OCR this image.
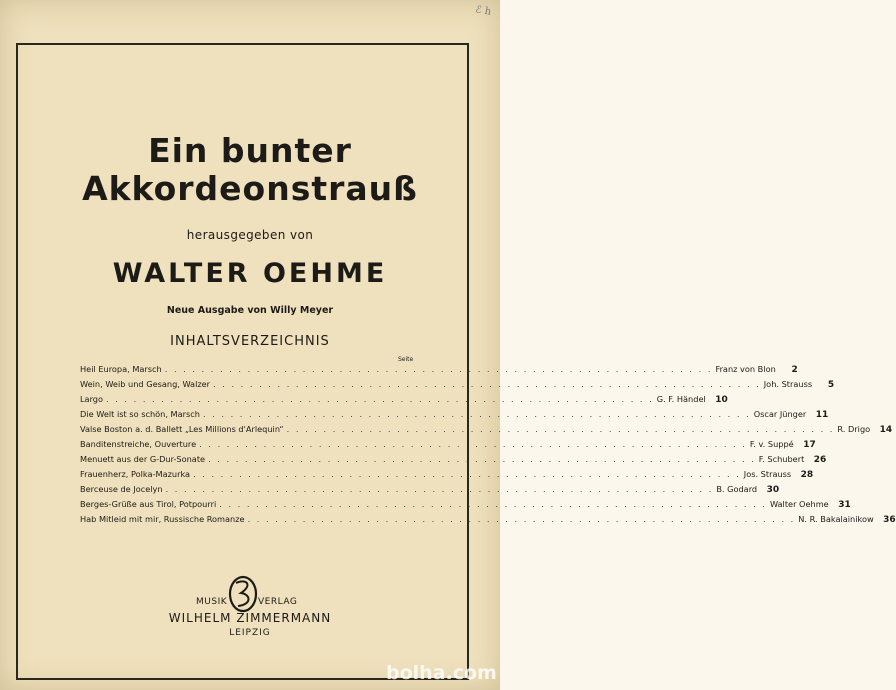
ℰ h
Ein bunter
Akkordeonstrauß
herausgegeben von
WALTER OEHME
Neue Ausgabe von Willy Meyer
INHALTSVERZEICHNIS
Seite
Heil Europa, Marsch . . . . . . . . . . . . . . . . . . . . . . . . . . . . . . . . . . . . . . . . . . . . . . . . . . . . . . . . . . . . Franz von Blon	2
Wein, Weib und Gesang, Walzer . . . . . . . . . . . . . . . . . . . . . . . . . . . . . . . . . . . . . . . . . . . . . . . . . . . . . . . . . . . . Joh. Strauss	5
Largo . . . . . . . . . . . . . . . . . . . . . . . . . . . . . . . . . . . . . . . . . . . . . . . . . . . . . . . . . . . . G. F. Händel	10
Die Welt ist so schön, Marsch . . . . . . . . . . . . . . . . . . . . . . . . . . . . . . . . . . . . . . . . . . . . . . . . . . . . . . . . . . . . Oscar Jünger	11
Valse Boston a. d. Ballett „Les Millions d'Arlequin“ . . . . . . . . . . . . . . . . . . . . . . . . . . . . . . . . . . . . . . . . . . . . . . . . . . . . . . . . . . . . R. Drigo	14
Banditenstreiche, Ouverture . . . . . . . . . . . . . . . . . . . . . . . . . . . . . . . . . . . . . . . . . . . . . . . . . . . . . . . . . . . . F. v. Suppé	17
Menuett aus der G-Dur-Sonate . . . . . . . . . . . . . . . . . . . . . . . . . . . . . . . . . . . . . . . . . . . . . . . . . . . . . . . . . . . . F. Schubert	26
Frauenherz, Polka-Mazurka . . . . . . . . . . . . . . . . . . . . . . . . . . . . . . . . . . . . . . . . . . . . . . . . . . . . . . . . . . . . Jos. Strauss	28
Berceuse de Jocelyn . . . . . . . . . . . . . . . . . . . . . . . . . . . . . . . . . . . . . . . . . . . . . . . . . . . . . . . . . . . . B. Godard	30
Berges-Grüße aus Tirol, Potpourri . . . . . . . . . . . . . . . . . . . . . . . . . . . . . . . . . . . . . . . . . . . . . . . . . . . . . . . . . . . . Walter Oehme	31
Hab Mitleid mit mir, Russische Romanze . . . . . . . . . . . . . . . . . . . . . . . . . . . . . . . . . . . . . . . . . . . . . . . . . . . . . . . . . . . . N. R. Bakalainikow	36
MUSIK	VERLAG
WILHELM ZIMMERMANN
LEIPZIG
bolha.com
